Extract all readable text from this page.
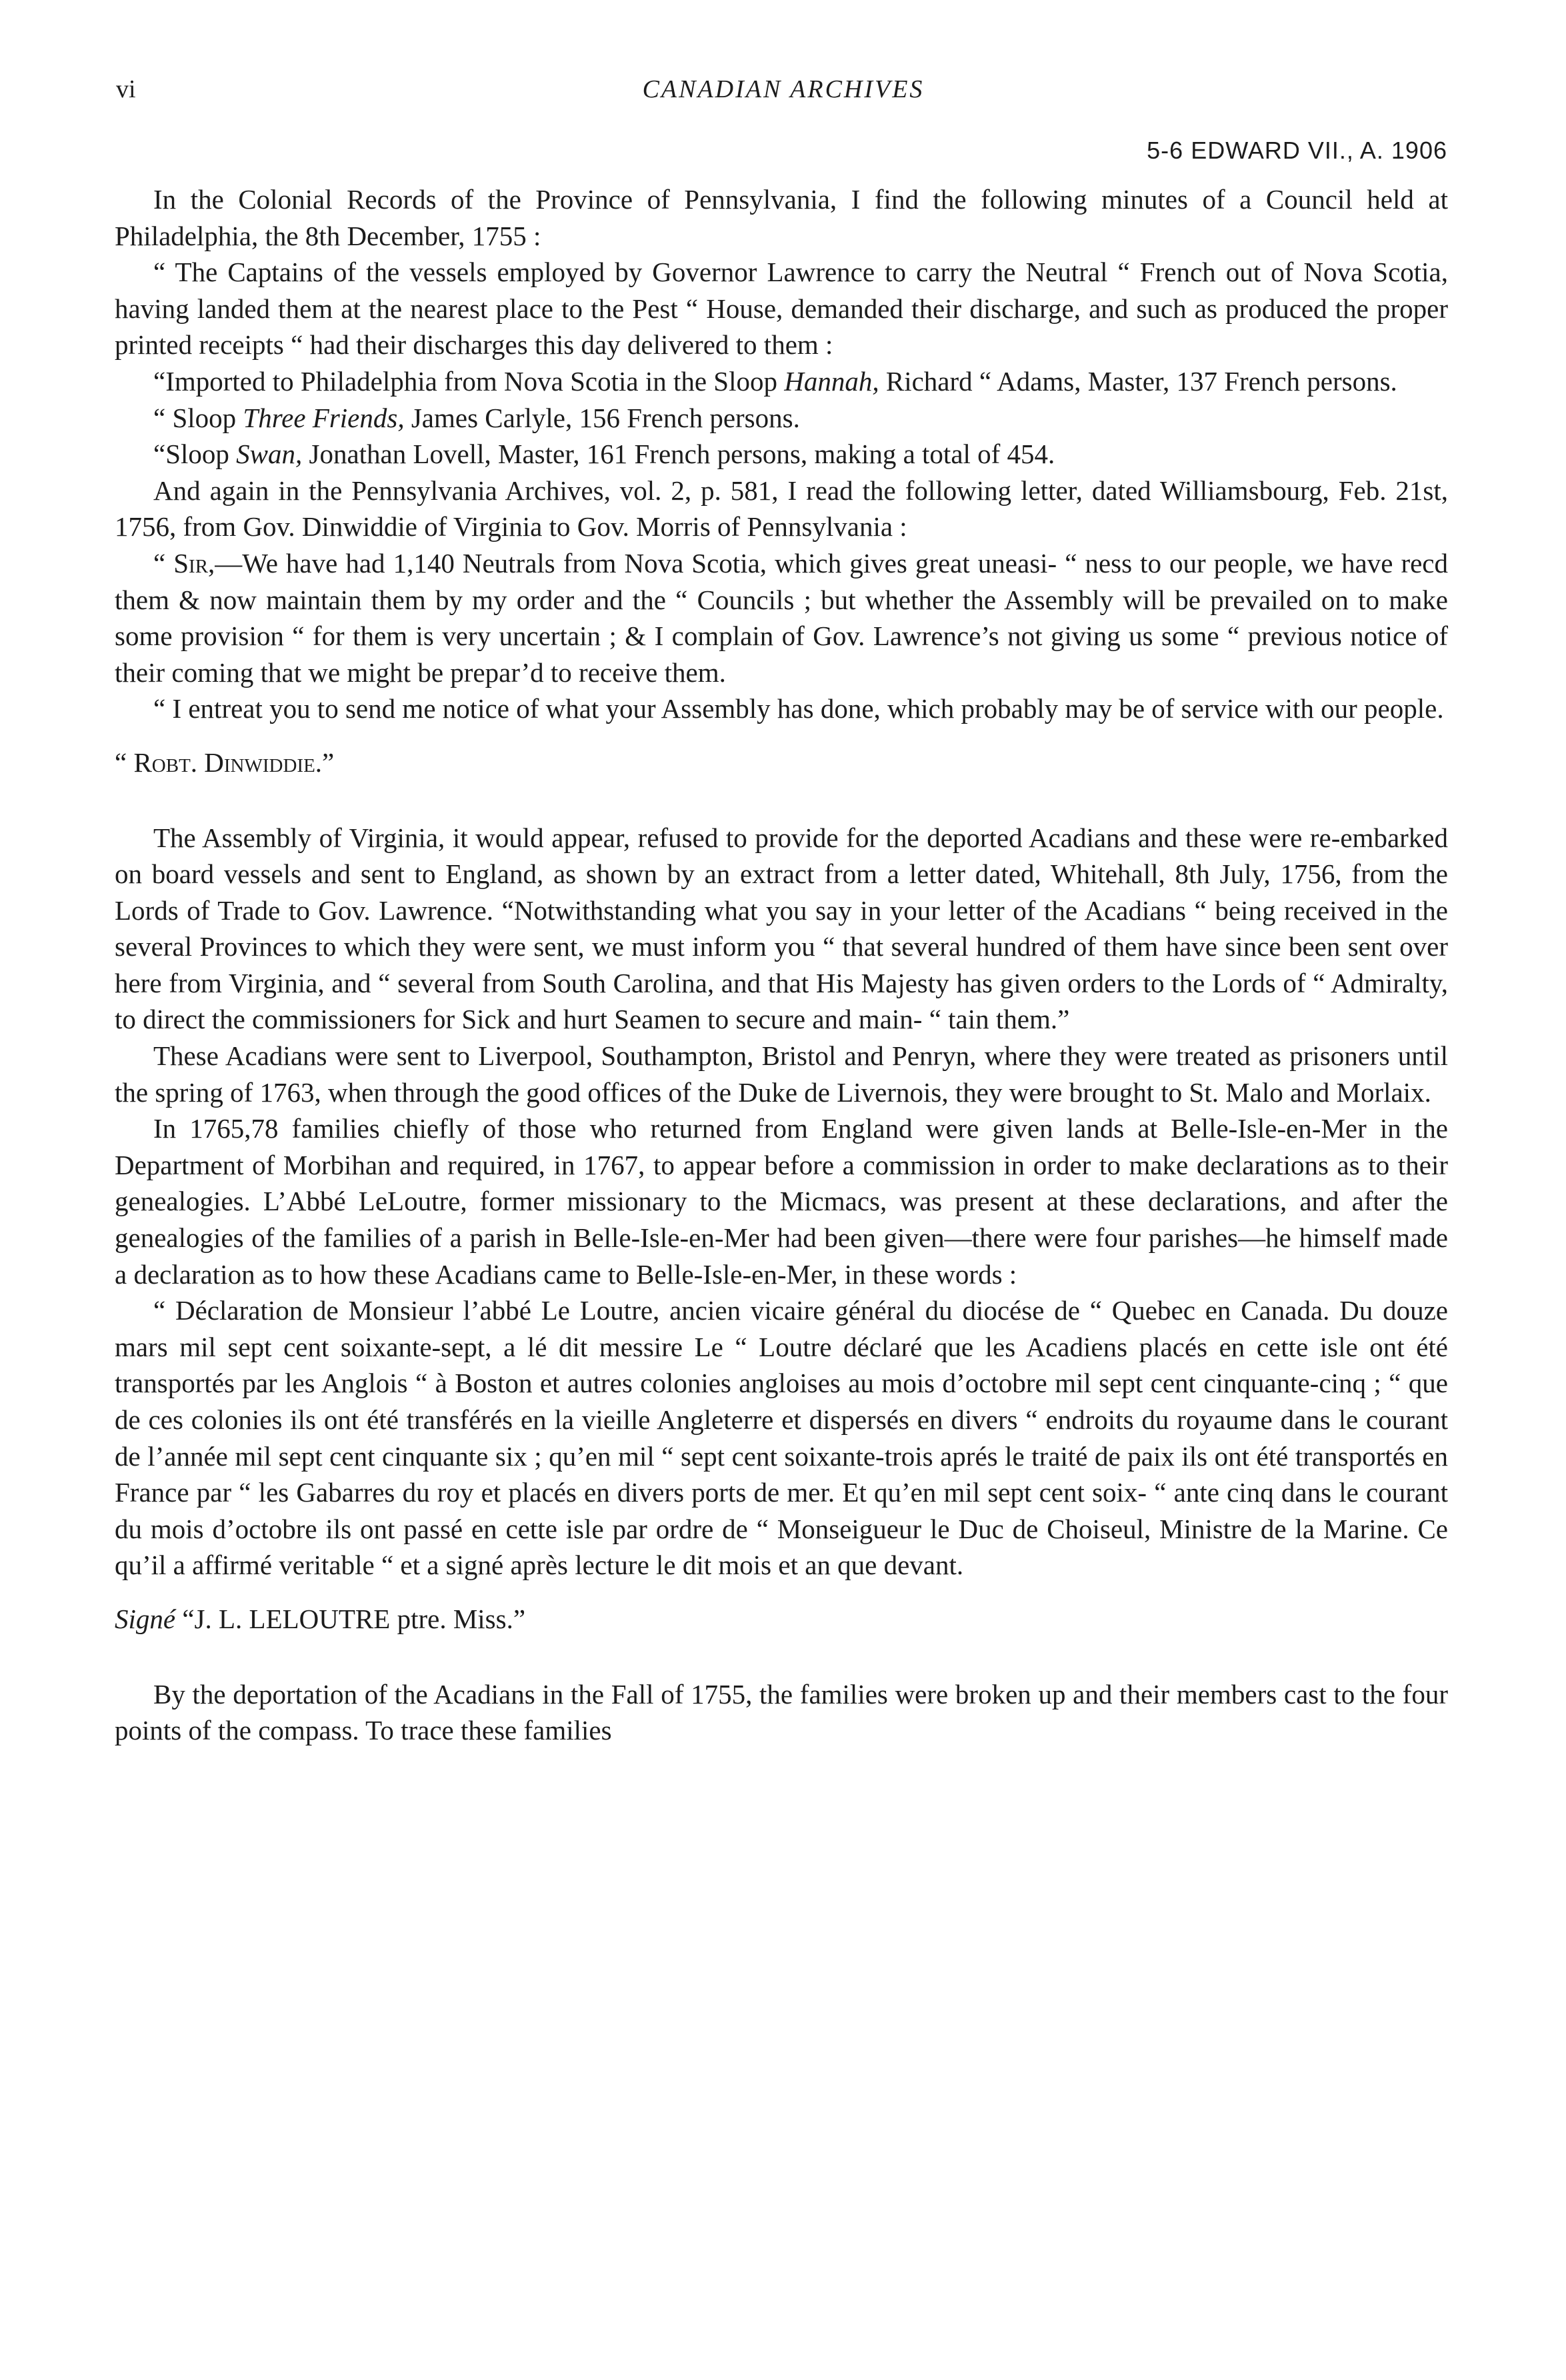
vi	CANADIAN ARCHIVES
5-6 EDWARD VII., A. 1906

In the Colonial Records of the Province of Pennsylvania, I find the following minutes of a Council held at Philadelphia, the 8th December, 1755 :

“ The Captains of the vessels employed by Governor Lawrence to carry the Neutral “ French out of Nova Scotia, having landed them at the nearest place to the Pest “ House, demanded their discharge, and such as produced the proper printed receipts “ had their discharges this day delivered to them :

“Imported to Philadelphia from Nova Scotia in the Sloop Hannah, Richard “ Adams, Master, 137 French persons.

“ Sloop Three Friends, James Carlyle, 156 French persons.

“Sloop Swan, Jonathan Lovell, Master, 161 French persons, making a total of 454.

And again in the Pennsylvania Archives, vol. 2, p. 581, I read the following letter, dated Williamsbourg, Feb. 21st, 1756, from Gov. Dinwiddie of Virginia to Gov. Morris of Pennsylvania :

“ Sir,—We have had 1,140 Neutrals from Nova Scotia, which gives great uneasi- “ ness to our people, we have recd them & now maintain them by my order and the “ Councils ; but whether the Assembly will be prevailed on to make some provision “ for them is very uncertain ; & I complain of Gov. Lawrence’s not giving us some “ previous notice of their coming that we might be prepar’d to receive them.

“ I entreat you to send me notice of what your Assembly has done, which probably may be of service with our people.

“ Robt. Dinwiddie.”

The Assembly of Virginia, it would appear, refused to provide for the deported Acadians and these were re-embarked on board vessels and sent to England, as shown by an extract from a letter dated, Whitehall, 8th July, 1756, from the Lords of Trade to Gov. Lawrence. “Notwithstanding what you say in your letter of the Acadians “ being received in the several Provinces to which they were sent, we must inform you “ that several hundred of them have since been sent over here from Virginia, and “ several from South Carolina, and that His Majesty has given orders to the Lords of “ Admiralty, to direct the commissioners for Sick and hurt Seamen to secure and main- “ tain them.”

These Acadians were sent to Liverpool, Southampton, Bristol and Penryn, where they were treated as prisoners until the spring of 1763, when through the good offices of the Duke de Livernois, they were brought to St. Malo and Morlaix.

In 1765,78 families chiefly of those who returned from England were given lands at Belle-Isle-en-Mer in the Department of Morbihan and required, in 1767, to appear before a commission in order to make declarations as to their genealogies. L’Abbé LeLoutre, former missionary to the Micmacs, was present at these declarations, and after the genealogies of the families of a parish in Belle-Isle-en-Mer had been given—there were four parishes—he himself made a declaration as to how these Acadians came to Belle-Isle-en-Mer, in these words :

“ Déclaration de Monsieur l’abbé Le Loutre, ancien vicaire général du diocése de “ Quebec en Canada. Du douze mars mil sept cent soixante-sept, a lé dit messire Le “ Loutre déclaré que les Acadiens placés en cette isle ont été transportés par les Anglois “ à Boston et autres colonies angloises au mois d’octobre mil sept cent cinquante-cinq ; “ que de ces colonies ils ont été transférés en la vieille Angleterre et dispersés en divers “ endroits du royaume dans le courant de l’année mil sept cent cinquante six ; qu’en mil “ sept cent soixante-trois aprés le traité de paix ils ont été transportés en France par “ les Gabarres du roy et placés en divers ports de mer. Et qu’en mil sept cent soix- “ ante cinq dans le courant du mois d’octobre ils ont passé en cette isle par ordre de “ Monseigueur le Duc de Choiseul, Ministre de la Marine. Ce qu’il a affirmé veritable “ et a signé après lecture le dit mois et an que devant.

Signé “J. L. LELOUTRE ptre. Miss.”

By the deportation of the Acadians in the Fall of 1755, the families were broken up and their members cast to the four points of the compass. To trace these families
